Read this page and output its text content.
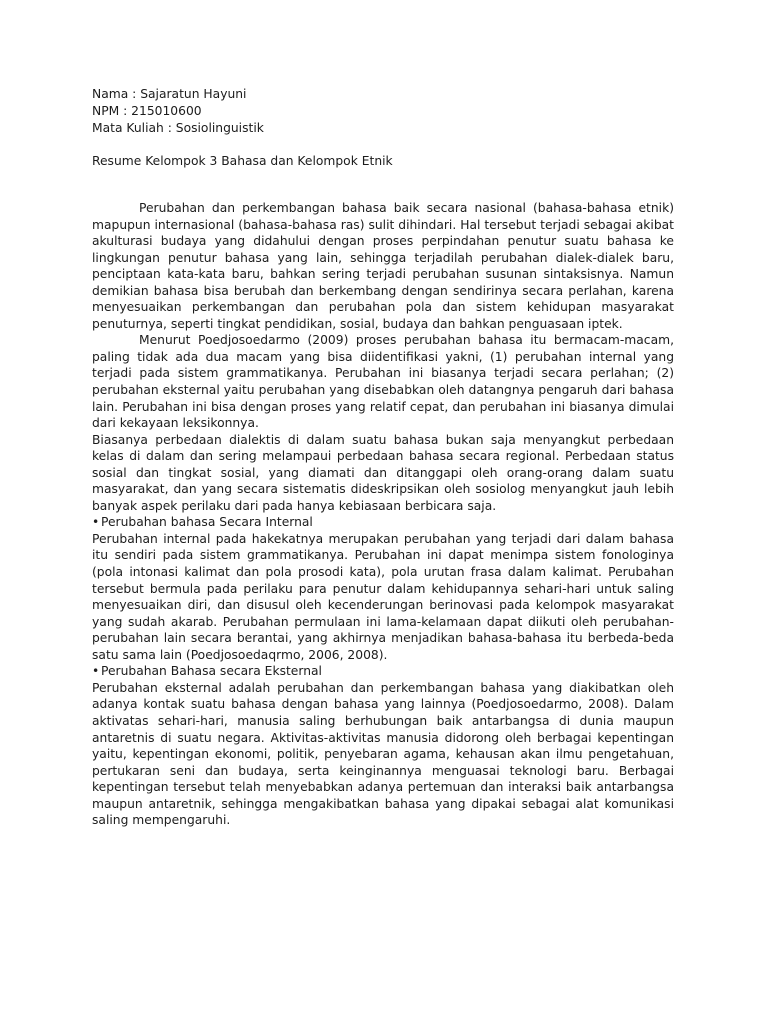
Nama : Sajaratun Hayuni
NPM : 215010600
Mata Kuliah : Sosiolinguistik
Resume Kelompok 3 Bahasa dan Kelompok Etnik

Perubahan dan perkembangan bahasa baik secara nasional (bahasa-bahasa etnik) mapupun internasional (bahasa-bahasa ras) sulit dihindari. Hal tersebut terjadi sebagai akibat akulturasi budaya yang didahului dengan proses perpindahan penutur suatu bahasa ke lingkungan penutur bahasa yang lain, sehingga terjadilah perubahan dialek-dialek baru, penciptaan kata-kata baru, bahkan sering terjadi perubahan susunan sintaksisnya. Namun demikian bahasa bisa berubah dan berkembang dengan sendirinya secara perlahan, karena menyesuaikan perkembangan dan perubahan pola dan sistem kehidupan masyarakat penuturnya, seperti tingkat pendidikan, sosial, budaya dan bahkan penguasaan iptek.

Menurut Poedjosoedarmo (2009) proses perubahan bahasa itu bermacam-macam, paling tidak ada dua macam yang bisa diidentifikasi yakni, (1) perubahan internal yang terjadi pada sistem grammatikanya. Perubahan ini biasanya terjadi secara perlahan; (2) perubahan eksternal yaitu perubahan yang disebabkan oleh datangnya pengaruh dari bahasa lain. Perubahan ini bisa dengan proses yang relatif cepat, dan perubahan ini biasanya dimulai dari kekayaan leksikonnya.

Biasanya perbedaan dialektis di dalam suatu bahasa bukan saja menyangkut perbedaan kelas di dalam dan sering melampaui perbedaan bahasa secara regional. Perbedaan status sosial dan tingkat sosial, yang diamati dan ditanggapi oleh orang-orang dalam suatu masyarakat, dan yang secara sistematis dideskripsikan oleh sosiolog menyangkut jauh lebih banyak aspek perilaku dari pada hanya kebiasaan berbicara saja.

• Perubahan bahasa Secara Internal

Perubahan internal pada hakekatnya merupakan perubahan yang terjadi dari dalam bahasa itu sendiri pada sistem grammatikanya. Perubahan ini dapat menimpa sistem fonologinya (pola intonasi kalimat dan pola prosodi kata), pola urutan frasa dalam kalimat. Perubahan tersebut bermula pada perilaku para penutur dalam kehidupannya sehari-hari untuk saling menyesuaikan diri, dan disusul oleh kecenderungan berinovasi pada kelompok masyarakat yang sudah akarab. Perubahan permulaan ini lama-kelamaan dapat diikuti oleh perubahan-perubahan lain secara berantai, yang akhirnya menjadikan bahasa-bahasa itu berbeda-beda satu sama lain (Poedjosoedaqrmo, 2006, 2008).

• Perubahan Bahasa secara Eksternal

Perubahan eksternal adalah perubahan dan perkembangan bahasa yang diakibatkan oleh adanya kontak suatu bahasa dengan bahasa yang lainnya (Poedjosoedarmo, 2008). Dalam aktivatas sehari-hari, manusia saling berhubungan baik antarbangsa di dunia maupun antaretnis di suatu negara. Aktivitas-aktivitas manusia didorong oleh berbagai kepentingan yaitu, kepentingan ekonomi, politik, penyebaran agama, kehausan akan ilmu pengetahuan, pertukaran seni dan budaya, serta keinginannya menguasai teknologi baru. Berbagai kepentingan tersebut telah menyebabkan adanya pertemuan dan interaksi baik antarbangsa maupun antaretnik, sehingga mengakibatkan bahasa yang dipakai sebagai alat komunikasi saling mempengaruhi.
